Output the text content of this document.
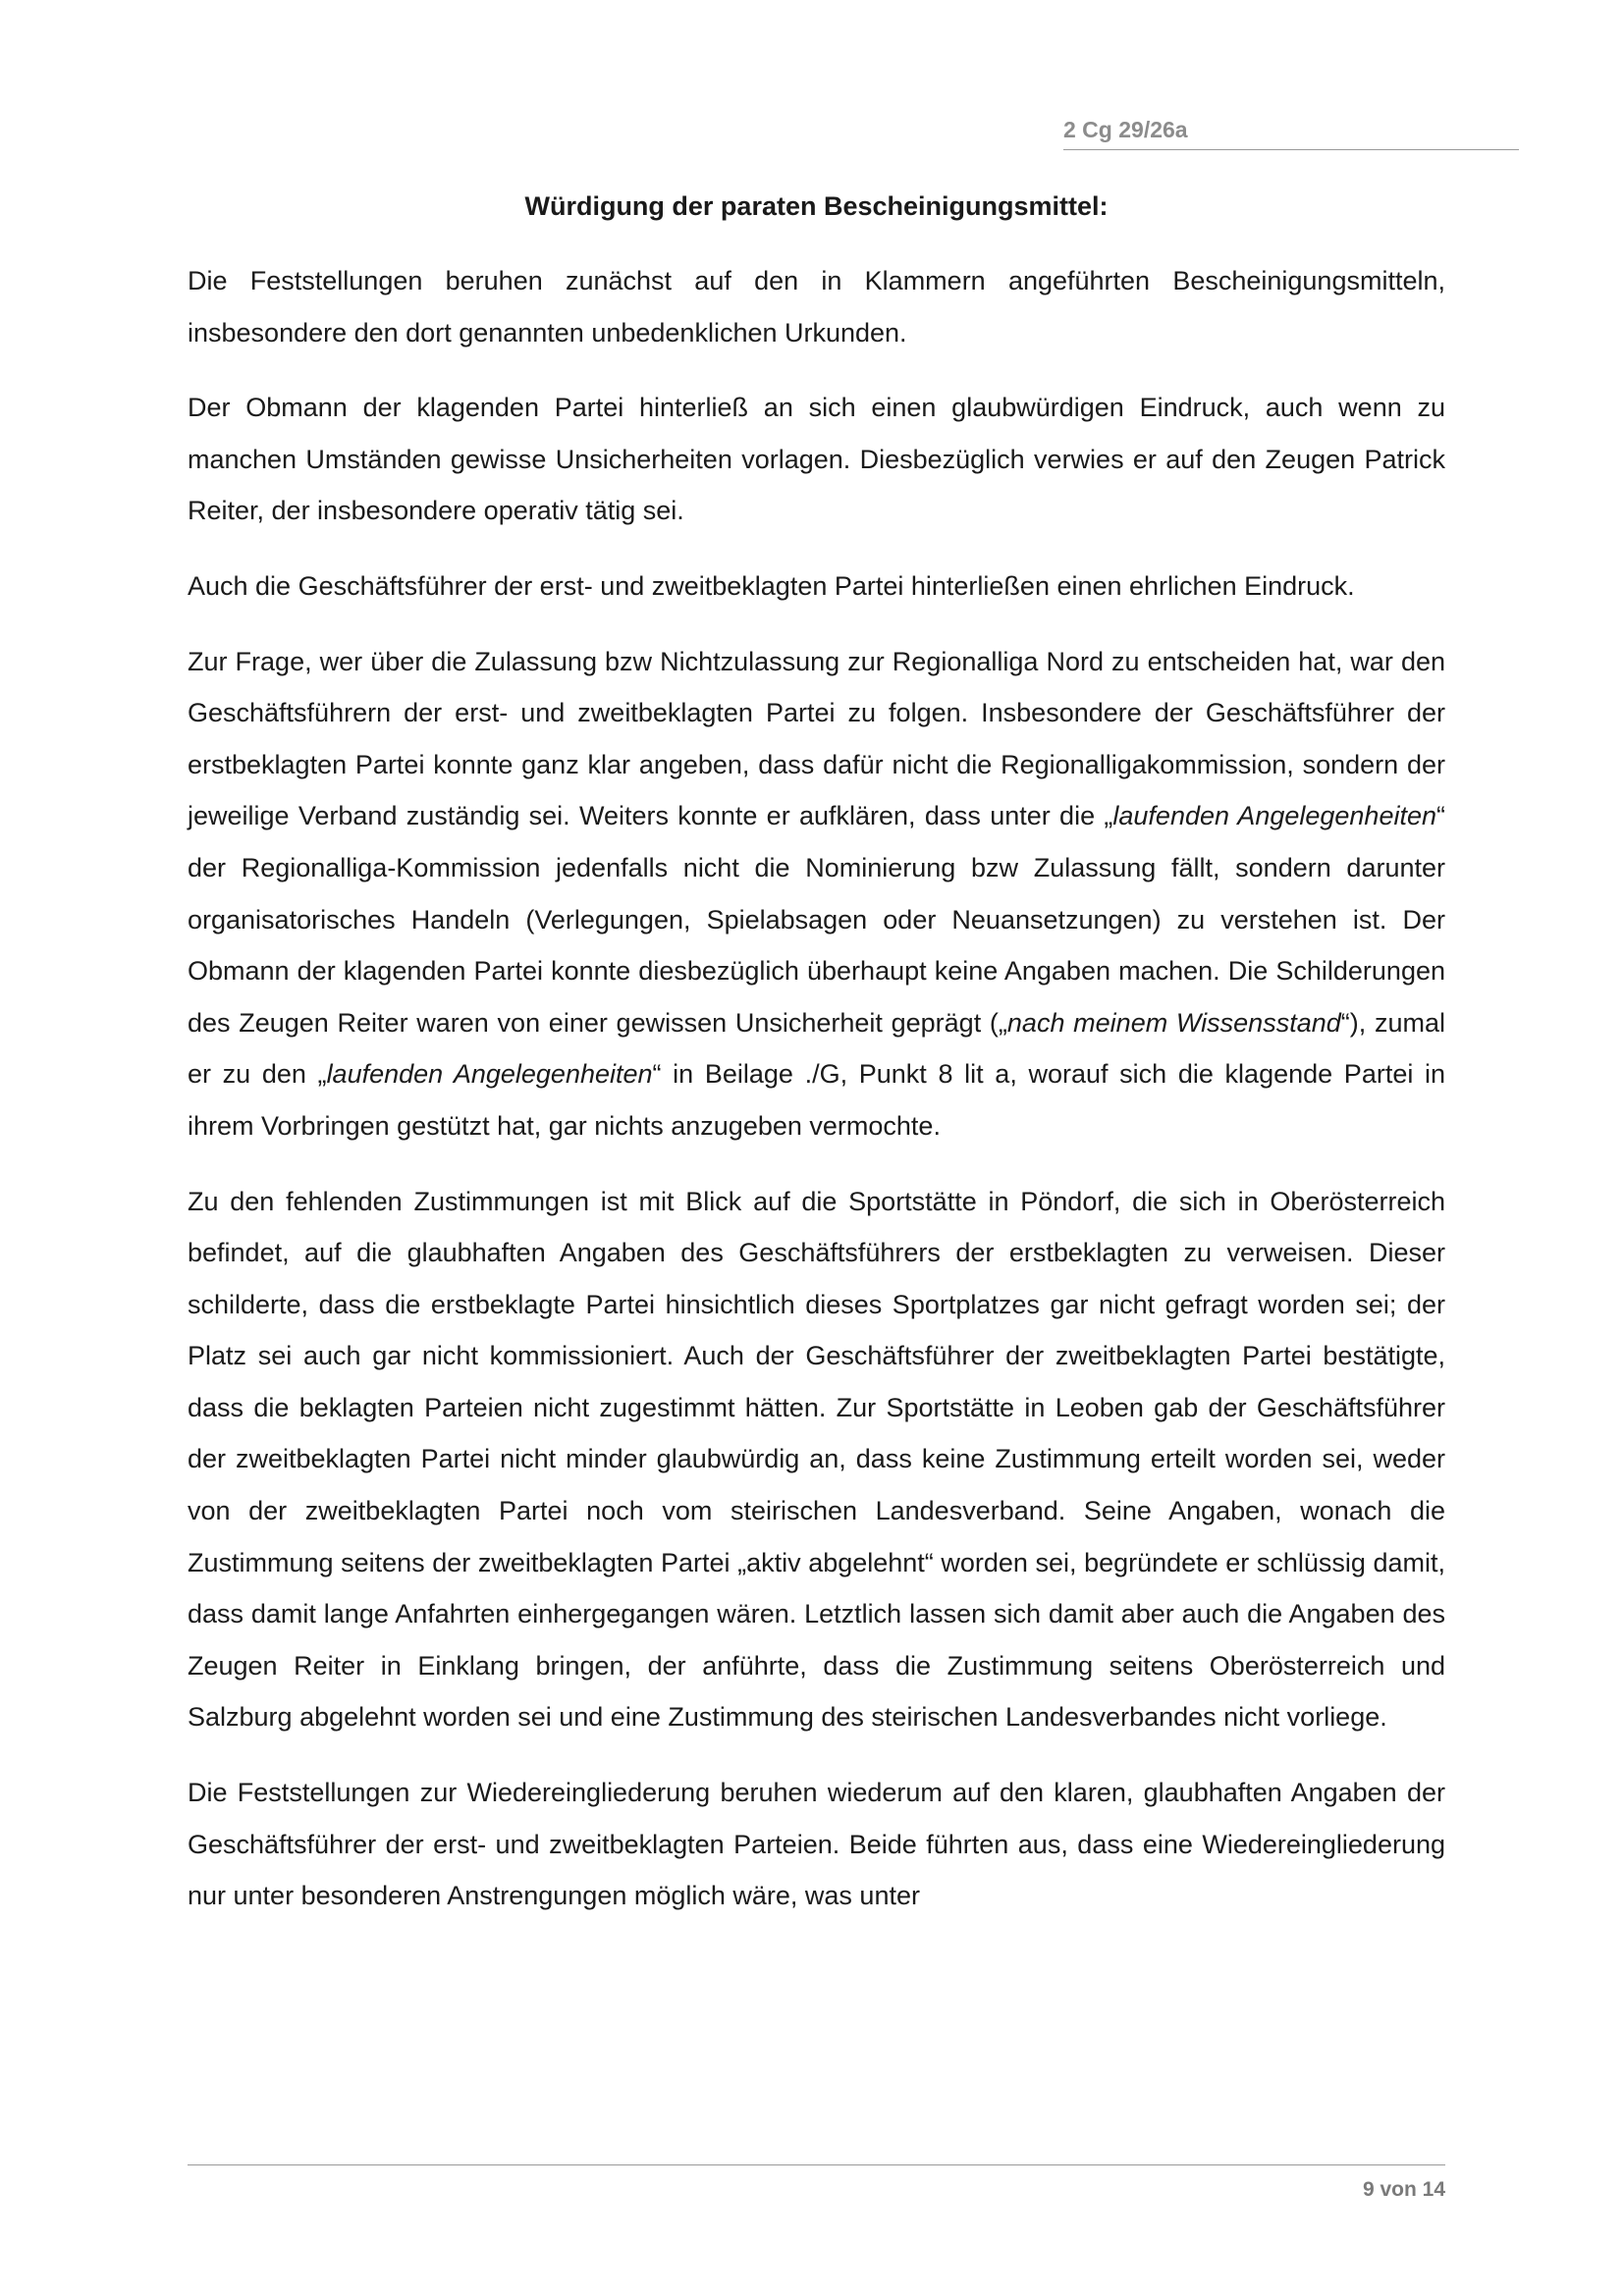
2 Cg 29/26a
Würdigung der paraten Bescheinigungsmittel:

Die Feststellungen beruhen zunächst auf den in Klammern angeführten Bescheinigungsmitteln, insbesondere den dort genannten unbedenklichen Urkunden.

Der Obmann der klagenden Partei hinterließ an sich einen glaubwürdigen Eindruck, auch wenn zu manchen Umständen gewisse Unsicherheiten vorlagen. Diesbezüglich verwies er auf den Zeugen Patrick Reiter, der insbesondere operativ tätig sei.

Auch die Geschäftsführer der erst- und zweitbeklagten Partei hinterließen einen ehrlichen Eindruck.

Zur Frage, wer über die Zulassung bzw Nichtzulassung zur Regionalliga Nord zu entscheiden hat, war den Geschäftsführern der erst- und zweitbeklagten Partei zu folgen. Insbesondere der Geschäftsführer der erstbeklagten Partei konnte ganz klar angeben, dass dafür nicht die Regionalligakommission, sondern der jeweilige Verband zuständig sei. Weiters konnte er aufklären, dass unter die „laufenden Angelegenheiten“ der Regionalliga-Kommission jedenfalls nicht die Nominierung bzw Zulassung fällt, sondern darunter organisatorisches Handeln (Verlegungen, Spielabsagen oder Neuansetzungen) zu verstehen ist. Der Obmann der klagenden Partei konnte diesbezüglich überhaupt keine Angaben machen. Die Schilderungen des Zeugen Reiter waren von einer gewissen Unsicherheit geprägt („nach meinem Wissensstand“), zumal er zu den „laufenden Angelegenheiten“ in Beilage ./G, Punkt 8 lit a, worauf sich die klagende Partei in ihrem Vorbringen gestützt hat, gar nichts anzugeben vermochte.

Zu den fehlenden Zustimmungen ist mit Blick auf die Sportstätte in Pöndorf, die sich in Oberösterreich befindet, auf die glaubhaften Angaben des Geschäftsführers der erstbeklagten zu verweisen. Dieser schilderte, dass die erstbeklagte Partei hinsichtlich dieses Sportplatzes gar nicht gefragt worden sei; der Platz sei auch gar nicht kommissioniert. Auch der Geschäftsführer der zweitbeklagten Partei bestätigte, dass die beklagten Parteien nicht zugestimmt hätten. Zur Sportstätte in Leoben gab der Geschäftsführer der zweitbeklagten Partei nicht minder glaubwürdig an, dass keine Zustimmung erteilt worden sei, weder von der zweitbeklagten Partei noch vom steirischen Landesverband. Seine Angaben, wonach die Zustimmung seitens der zweitbeklagten Partei „aktiv abgelehnt“ worden sei, begründete er schlüssig damit, dass damit lange Anfahrten einhergegangen wären. Letztlich lassen sich damit aber auch die Angaben des Zeugen Reiter in Einklang bringen, der anführte, dass die Zustimmung seitens Oberösterreich und Salzburg abgelehnt worden sei und eine Zustimmung des steirischen Landesverbandes nicht vorliege.

Die Feststellungen zur Wiedereingliederung beruhen wiederum auf den klaren, glaubhaften Angaben der Geschäftsführer der erst- und zweitbeklagten Parteien. Beide führten aus, dass eine Wiedereingliederung nur unter besonderen Anstrengungen möglich wäre, was unter

9 von 14
